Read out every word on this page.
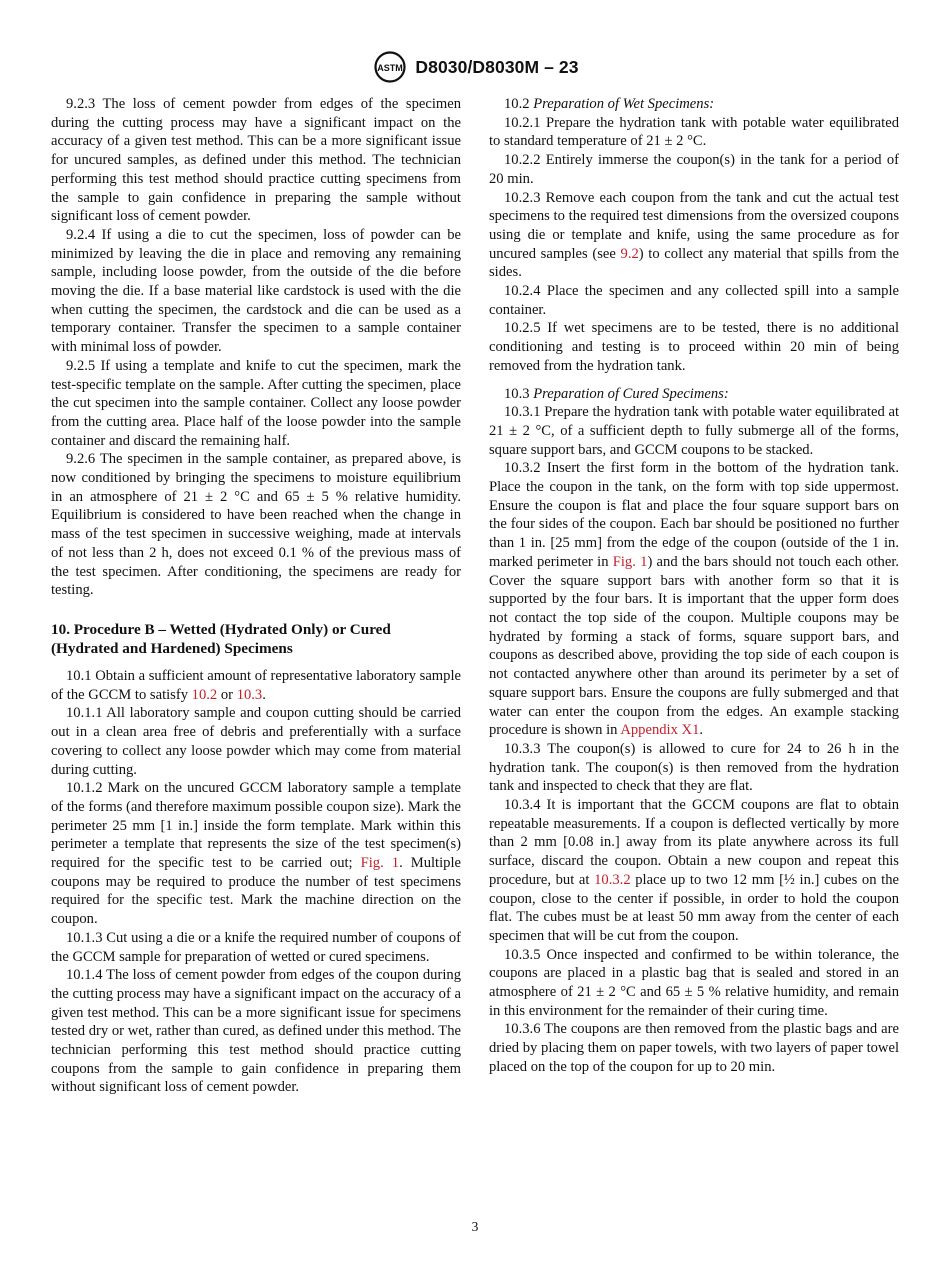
ASTM D8030/D8030M – 23

9.2.3 The loss of cement powder from edges of the specimen during the cutting process may have a significant impact on the accuracy of a given test method. This can be a more significant issue for uncured samples, as defined under this method. The technician performing this test method should practice cutting specimens from the sample to gain confidence in preparing the sample without significant loss of cement powder.

9.2.4 If using a die to cut the specimen, loss of powder can be minimized by leaving the die in place and removing any remaining sample, including loose powder, from the outside of the die before moving the die. If a base material like cardstock is used with the die when cutting the specimen, the cardstock and die can be used as a temporary container. Transfer the specimen to a sample container with minimal loss of powder.

9.2.5 If using a template and knife to cut the specimen, mark the test-specific template on the sample. After cutting the specimen, place the cut specimen into the sample container. Collect any loose powder from the cutting area. Place half of the loose powder into the sample container and discard the remaining half.

9.2.6 The specimen in the sample container, as prepared above, is now conditioned by bringing the specimens to moisture equilibrium in an atmosphere of 21 ± 2 °C and 65 ± 5 % relative humidity. Equilibrium is considered to have been reached when the change in mass of the test specimen in successive weighing, made at intervals of not less than 2 h, does not exceed 0.1 % of the previous mass of the test specimen. After conditioning, the specimens are ready for testing.

10. Procedure B – Wetted (Hydrated Only) or Cured (Hydrated and Hardened) Specimens

10.1 Obtain a sufficient amount of representative laboratory sample of the GCCM to satisfy 10.2 or 10.3.

10.1.1 All laboratory sample and coupon cutting should be carried out in a clean area free of debris and preferentially with a surface covering to collect any loose powder which may come from material during cutting.

10.1.2 Mark on the uncured GCCM laboratory sample a template of the forms (and therefore maximum possible coupon size). Mark the perimeter 25 mm [1 in.] inside the form template. Mark within this perimeter a template that represents the size of the test specimen(s) required for the specific test to be carried out; Fig. 1. Multiple coupons may be required to produce the number of test specimens required for the specific test. Mark the machine direction on the coupon.

10.1.3 Cut using a die or a knife the required number of coupons of the GCCM sample for preparation of wetted or cured specimens.

10.1.4 The loss of cement powder from edges of the coupon during the cutting process may have a significant impact on the accuracy of a given test method. This can be a more significant issue for specimens tested dry or wet, rather than cured, as defined under this method. The technician performing this test method should practice cutting coupons from the sample to gain confidence in preparing them without significant loss of cement powder.

10.2 Preparation of Wet Specimens:

10.2.1 Prepare the hydration tank with potable water equilibrated to standard temperature of 21 ± 2 °C.

10.2.2 Entirely immerse the coupon(s) in the tank for a period of 20 min.

10.2.3 Remove each coupon from the tank and cut the actual test specimens to the required test dimensions from the oversized coupons using die or template and knife, using the same procedure as for uncured samples (see 9.2) to collect any material that spills from the sides.

10.2.4 Place the specimen and any collected spill into a sample container.

10.2.5 If wet specimens are to be tested, there is no additional conditioning and testing is to proceed within 20 min of being removed from the hydration tank.

10.3 Preparation of Cured Specimens:

10.3.1 Prepare the hydration tank with potable water equilibrated at 21 ± 2 °C, of a sufficient depth to fully submerge all of the forms, square support bars, and GCCM coupons to be stacked.

10.3.2 Insert the first form in the bottom of the hydration tank. Place the coupon in the tank, on the form with top side uppermost. Ensure the coupon is flat and place the four square support bars on the four sides of the coupon. Each bar should be positioned no further than 1 in. [25 mm] from the edge of the coupon (outside of the 1 in. marked perimeter in Fig. 1) and the bars should not touch each other. Cover the square support bars with another form so that it is supported by the four bars. It is important that the upper form does not contact the top side of the coupon. Multiple coupons may be hydrated by forming a stack of forms, square support bars, and coupons as described above, providing the top side of each coupon is not contacted anywhere other than around its perimeter by a set of square support bars. Ensure the coupons are fully submerged and that water can enter the coupon from the edges. An example stacking procedure is shown in Appendix X1.

10.3.3 The coupon(s) is allowed to cure for 24 to 26 h in the hydration tank. The coupon(s) is then removed from the hydration tank and inspected to check that they are flat.

10.3.4 It is important that the GCCM coupons are flat to obtain repeatable measurements. If a coupon is deflected vertically by more than 2 mm [0.08 in.] away from its plate anywhere across its full surface, discard the coupon. Obtain a new coupon and repeat this procedure, but at 10.3.2 place up to two 12 mm [½ in.] cubes on the coupon, close to the center if possible, in order to hold the coupon flat. The cubes must be at least 50 mm away from the center of each specimen that will be cut from the coupon.

10.3.5 Once inspected and confirmed to be within tolerance, the coupons are placed in a plastic bag that is sealed and stored in an atmosphere of 21 ± 2 °C and 65 ± 5 % relative humidity, and remain in this environment for the remainder of their curing time.

10.3.6 The coupons are then removed from the plastic bags and are dried by placing them on paper towels, with two layers of paper towel placed on the top of the coupon for up to 20 min.

3
